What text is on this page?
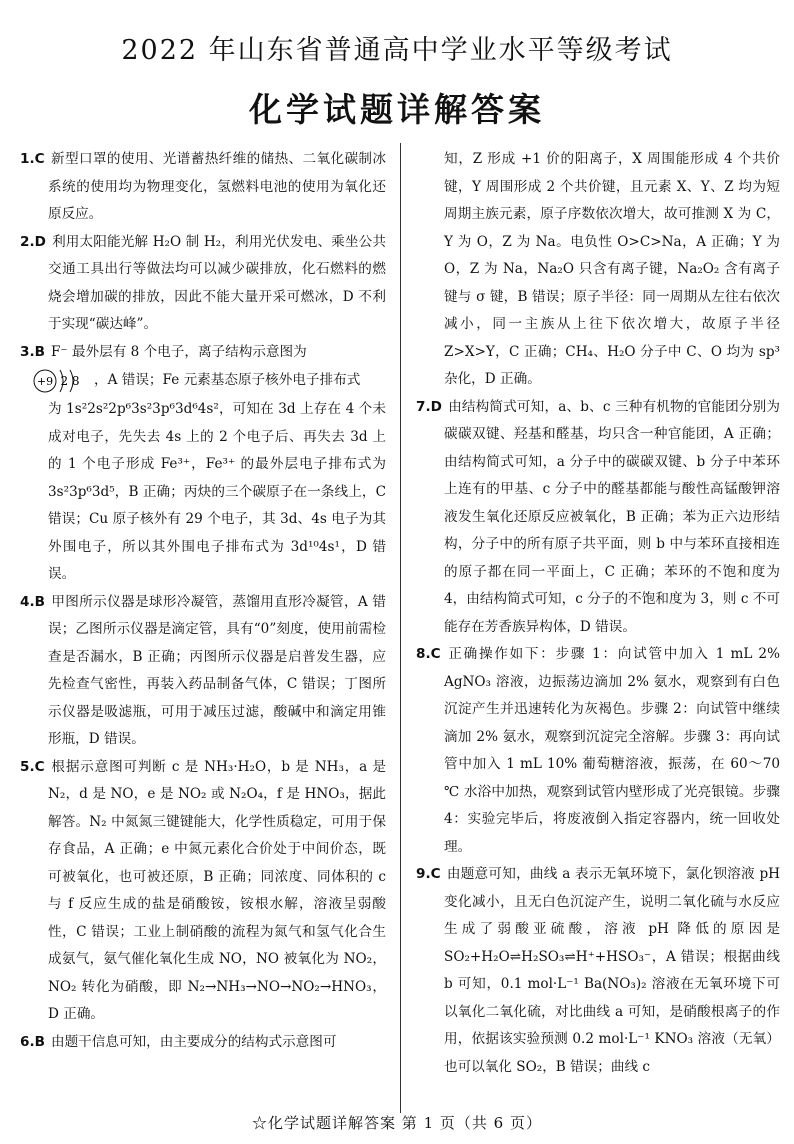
2022 年山东省普通高中学业水平等级考试
化学试题详解答案

1.C 新型口罩的使用、光谱蓄热纤维的储热、二氧化碳制冰系统的使用均为物理变化，氢燃料电池的使用为氧化还原反应。

2.D 利用太阳能光解 H₂O 制 H₂，利用光伏发电、乘坐公共交通工具出行等做法均可以减少碳排放，化石燃料的燃烧会增加碳的排放，因此不能大量开采可燃冰，D 不利于实现“碳达峰”。

3.B F⁻ 最外层有 8 个电子，离子结构示意图为

+9 2 8 ，A 错误；Fe 元素基态原子核外电子排布式

为 1s²2s²2p⁶3s²3p⁶3d⁶4s²，可知在 3d 上存在 4 个未成对电子，先失去 4s 上的 2 个电子后、再失去 3d 上的 1 个电子形成 Fe³⁺，Fe³⁺ 的最外层电子排布式为 3s²3p⁶3d⁵，B 正确；丙炔的三个碳原子在一条线上，C 错误；Cu 原子核外有 29 个电子，其 3d、4s 电子为其外围电子，所以其外围电子排布式为 3d¹⁰4s¹，D 错误。

4.B 甲图所示仪器是球形冷凝管，蒸馏用直形冷凝管，A 错误；乙图所示仪器是滴定管，具有“0”刻度，使用前需检查是否漏水，B 正确；丙图所示仪器是启普发生器，应先检查气密性，再装入药品制备气体，C 错误；丁图所示仪器是吸滤瓶，可用于减压过滤，酸碱中和滴定用锥形瓶，D 错误。

5.C 根据示意图可判断 c 是 NH₃·H₂O，b 是 NH₃，a 是 N₂，d 是 NO，e 是 NO₂ 或 N₂O₄，f 是 HNO₃，据此解答。N₂ 中氮氮三键键能大，化学性质稳定，可用于保存食品，A 正确；e 中氮元素化合价处于中间价态，既可被氧化，也可被还原，B 正确；同浓度、同体积的 c 与 f 反应生成的盐是硝酸铵，铵根水解，溶液呈弱酸性，C 错误；工业上制硝酸的流程为氮气和氢气化合生成氨气，氨气催化氧化生成 NO，NO 被氧化为 NO₂，NO₂ 转化为硝酸，即 N₂→NH₃→NO→NO₂→HNO₃，D 正确。

6.B 由题干信息可知，由主要成分的结构式示意图可

知，Z 形成 +1 价的阳离子，X 周围能形成 4 个共价键，Y 周围形成 2 个共价键，且元素 X、Y、Z 均为短周期主族元素，原子序数依次增大，故可推测 X 为 C，Y 为 O，Z 为 Na。电负性 O>C>Na，A 正确；Y 为 O，Z 为 Na，Na₂O 只含有离子键，Na₂O₂ 含有离子键与 σ 键，B 错误；原子半径：同一周期从左往右依次减小，同一主族从上往下依次增大，故原子半径 Z>X>Y，C 正确；CH₄、H₂O 分子中 C、O 均为 sp³ 杂化，D 正确。

7.D 由结构简式可知，a、b、c 三种有机物的官能团分别为碳碳双键、羟基和醛基，均只含一种官能团，A 正确；由结构简式可知，a 分子中的碳碳双键、b 分子中苯环上连有的甲基、c 分子中的醛基都能与酸性高锰酸钾溶液发生氧化还原反应被氧化，B 正确；苯为正六边形结构，分子中的所有原子共平面，则 b 中与苯环直接相连的原子都在同一平面上，C 正确；苯环的不饱和度为 4，由结构简式可知，c 分子的不饱和度为 3，则 c 不可能存在芳香族异构体，D 错误。

8.C 正确操作如下：步骤 1：向试管中加入 1 mL 2% AgNO₃ 溶液，边振荡边滴加 2% 氨水，观察到有白色沉淀产生并迅速转化为灰褐色。步骤 2：向试管中继续滴加 2% 氨水，观察到沉淀完全溶解。步骤 3：再向试管中加入 1 mL 10% 葡萄糖溶液，振荡，在 60～70 ℃ 水浴中加热，观察到试管内壁形成了光亮银镜。步骤 4：实验完毕后，将废液倒入指定容器内，统一回收处理。

9.C 由题意可知，曲线 a 表示无氧环境下，氯化钡溶液 pH 变化减小，且无白色沉淀产生，说明二氧化硫与水反应生成了弱酸亚硫酸，溶液 pH 降低的原因是 SO₂+H₂O⇌H₂SO₃⇌H⁺+HSO₃⁻，A 错误；根据曲线 b 可知，0.1 mol·L⁻¹ Ba(NO₃)₂ 溶液在无氧环境下可以氧化二氧化硫，对比曲线 a 可知，是硝酸根离子的作用，依据该实验预测 0.2 mol·L⁻¹ KNO₃ 溶液（无氧）也可以氧化 SO₂，B 错误；曲线 c

☆化学试题详解答案 第 1 页（共 6 页）
